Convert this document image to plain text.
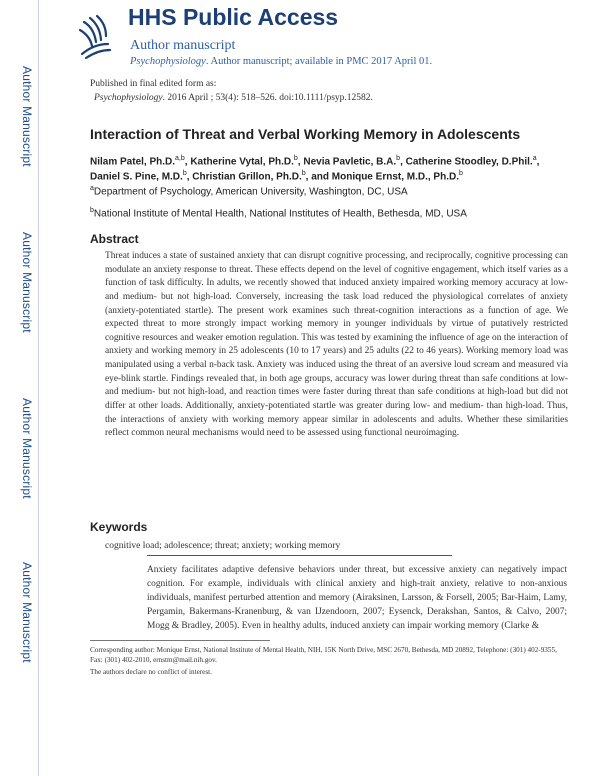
Author Manuscript
Author Manuscript
Author Manuscript
Author Manuscript
HHS Public Access
Author manuscript
Psychophysiology. Author manuscript; available in PMC 2017 April 01.
Published in final edited form as:
Psychophysiology. 2016 April ; 53(4): 518–526. doi:10.1111/psyp.12582.
Interaction of Threat and Verbal Working Memory in Adolescents
Nilam Patel, Ph.D.$^{a,b}$, Katherine Vytal, Ph.D.$^b$, Nevia Pavletic, B.A.$^b$, Catherine Stoodley, D.Phil.$^a$, Daniel S. Pine, M.D.$^b$, Christian Grillon, Ph.D.$^b$, and Monique Ernst, M.D., Ph.D.$^b$
$^a$Department of Psychology, American University, Washington, DC, USA
$^b$National Institute of Mental Health, National Institutes of Health, Bethesda, MD, USA
Abstract

Threat induces a state of sustained anxiety that can disrupt cognitive processing, and reciprocally, cognitive processing can modulate an anxiety response to threat. These effects depend on the level of cognitive engagement, which itself varies as a function of task difficulty. In adults, we recently showed that induced anxiety impaired working memory accuracy at low- and medium- but not high-load. Conversely, increasing the task load reduced the physiological correlates of anxiety (anxiety-potentiated startle). The present work examines such threat-cognition interactions as a function of age. We expected threat to more strongly impact working memory in younger individuals by virtue of putatively restricted cognitive resources and weaker emotion regulation. This was tested by examining the influence of age on the interaction of anxiety and working memory in 25 adolescents (10 to 17 years) and 25 adults (22 to 46 years). Working memory load was manipulated using a verbal n-back task. Anxiety was induced using the threat of an aversive loud scream and measured via eye-blink startle. Findings revealed that, in both age groups, accuracy was lower during threat than safe conditions at low- and medium- but not high-load, and reaction times were faster during threat than safe conditions at high-load but did not differ at other loads. Additionally, anxiety-potentiated startle was greater during low- and medium- than high-load. Thus, the interactions of anxiety with working memory appear similar in adolescents and adults. Whether these similarities reflect common neural mechanisms would need to be assessed using functional neuroimaging.

Keywords
cognitive load; adolescence; threat; anxiety; working memory

Anxiety facilitates adaptive defensive behaviors under threat, but excessive anxiety can negatively impact cognition. For example, individuals with clinical anxiety and high-trait anxiety, relative to non-anxious individuals, manifest perturbed attention and memory (Airaksinen, Larsson, & Forsell, 2005; Bar-Haim, Lamy, Pergamin, Bakermans-Kranenburg, & van IJzendoorn, 2007; Eysenck, Derakshan, Santos, & Calvo, 2007; Mogg & Bradley, 2005). Even in healthy adults, induced anxiety can impair working memory (Clarke &

Corresponding author: Monique Ernst, National Institute of Mental Health, NIH, 15K North Drive, MSC 2670, Bethesda, MD 20892, Telephone: (301) 402-9355, Fax: (301) 402-2010, ernstm@mail.nih.gov.
The authors declare no conflict of interest.
